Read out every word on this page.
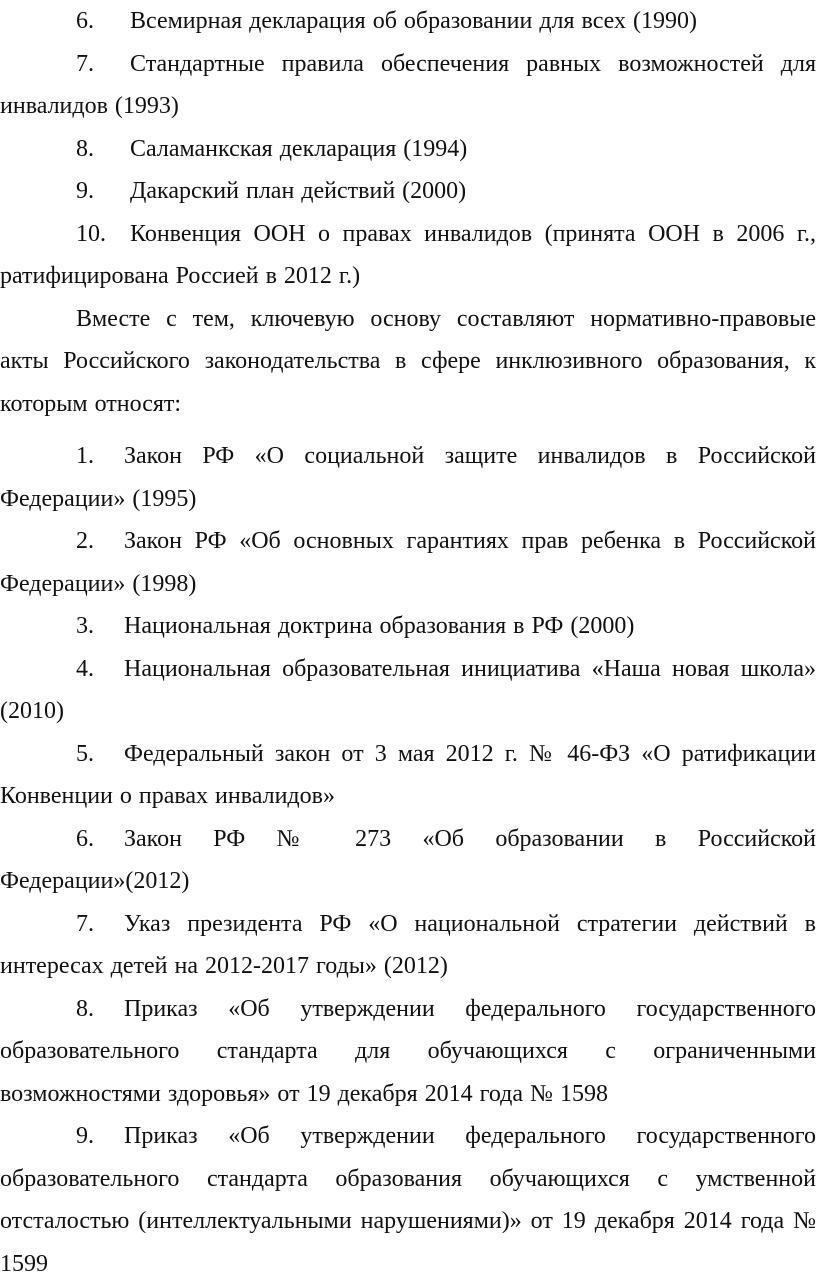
6. Всемирная декларация об образовании для всех (1990)

7. Стандартные правила обеспечения равных возможностей для инвалидов (1993)

8. Саламанкская декларация (1994)

9. Дакарский план действий (2000)

10. Конвенция ООН о правах инвалидов (принята ООН в 2006 г., ратифицирована Россией в 2012 г.)

Вместе с тем, ключевую основу составляют нормативно-правовые акты Российского законодательства в сфере инклюзивного образования, к которым относят:

1. Закон РФ «О социальной защите инвалидов в Российской Федерации» (1995)

2. Закон РФ «Об основных гарантиях прав ребенка в Российской Федерации» (1998)

3. Национальная доктрина образования в РФ (2000)

4. Национальная образовательная инициатива «Наша новая школа» (2010)

5. Федеральный закон от 3 мая 2012 г. № 46-ФЗ «О ратификации Конвенции о правах инвалидов»

6. Закон РФ № 273 «Об образовании в Российской Федерации»(2012)

7. Указ президента РФ «О национальной стратегии действий в интересах детей на 2012-2017 годы» (2012)

8. Приказ «Об утверждении федерального государственного образовательного стандарта для обучающихся с ограниченными возможностями здоровья» от 19 декабря 2014 года № 1598

9. Приказ «Об утверждении федерального государственного образовательного стандарта образования обучающихся с умственной отсталостью (интеллектуальными нарушениями)» от 19 декабря 2014 года № 1599
